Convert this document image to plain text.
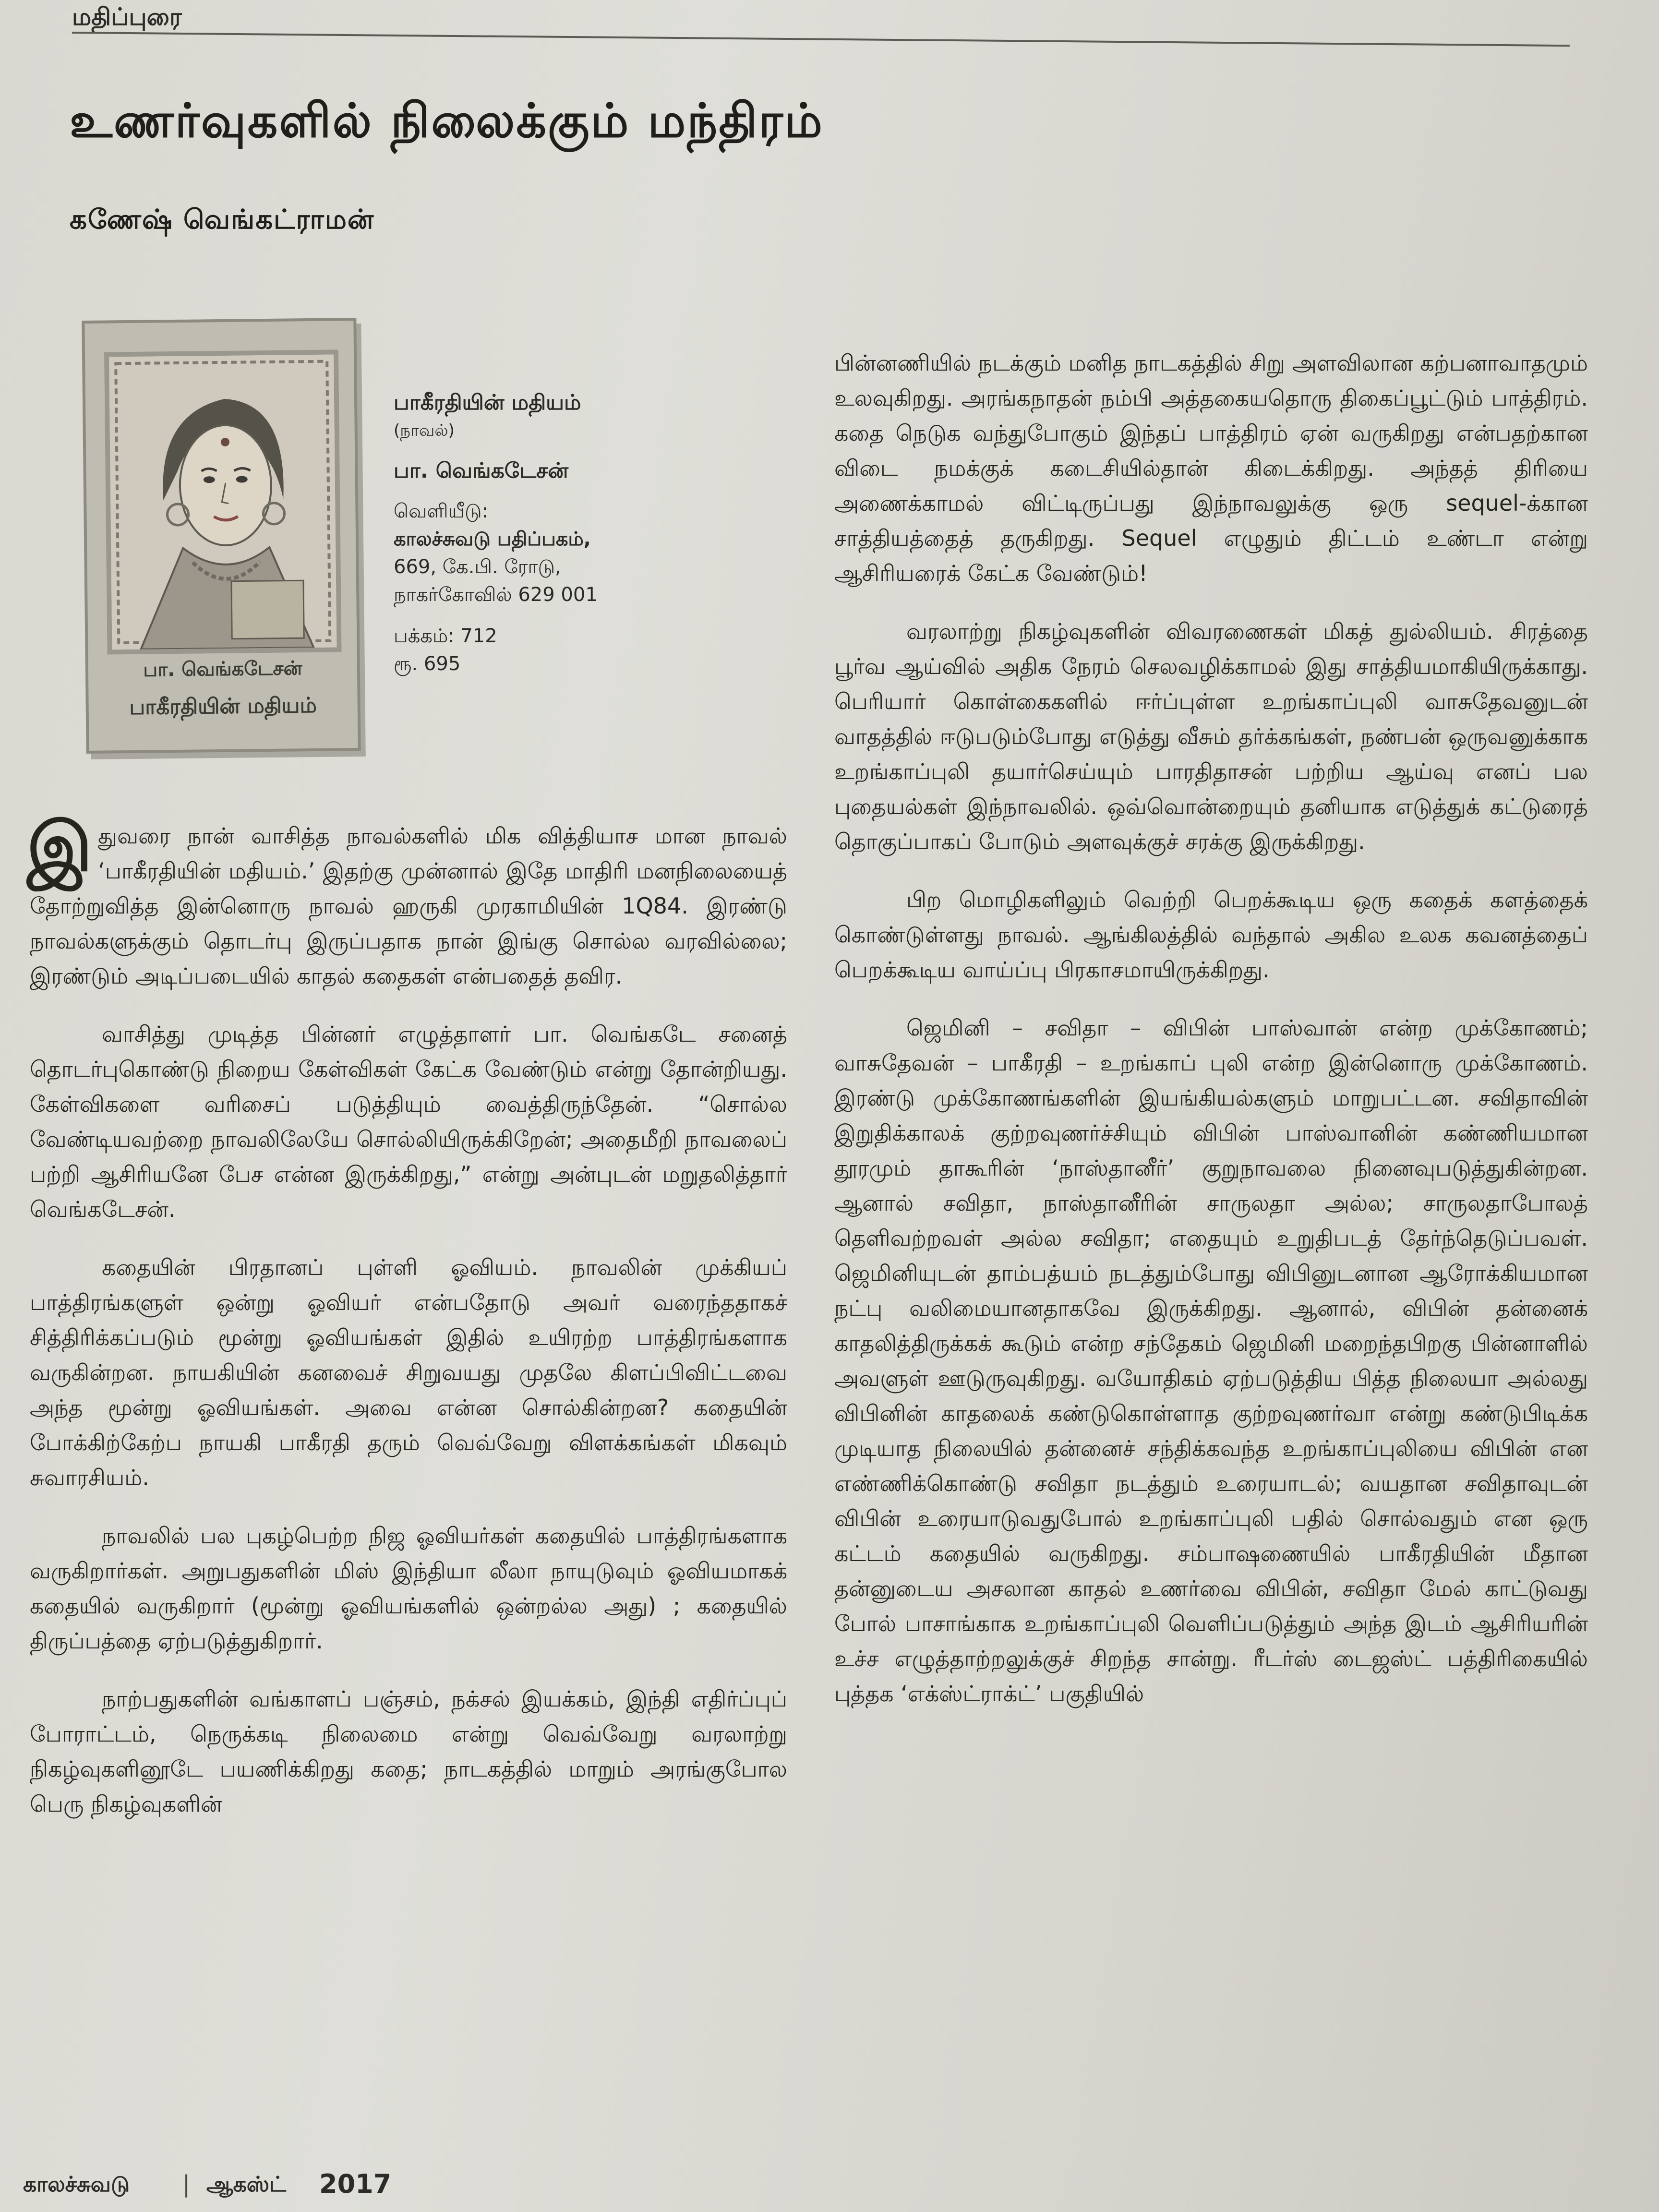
மதிப்புரை
உணர்வுகளில் நிலைக்கும் மந்திரம்
கணேஷ் வெங்கட்ராமன்
பா. வெங்கடேசன்
பாகீரதியின் மதியம்
பாகீரதியின் மதியம்
(நாவல்)
பா. வெங்கடேசன்
வெளியீடு:
காலச்சுவடு பதிப்பகம்,
669, கே.பி. ரோடு,
நாகர்கோவில் 629 001
பக்கம்: 712
ரூ. 695

இதுவரை நான் வாசித்த நாவல்களில் மிக வித்தியாச மான நாவல் ‘பாகீரதியின் மதியம்.’ இதற்கு முன்னால் இதே மாதிரி மனநிலையைத் தோற்றுவித்த இன்னொரு நாவல் ஹருகி முரகாமியின் 1Q84. இரண்டு நாவல்களுக்கும் தொடர்பு இருப்பதாக நான் இங்கு சொல்ல வரவில்லை; இரண்டும் அடிப்படையில் காதல் கதைகள் என்பதைத் தவிர.

வாசித்து முடித்த பின்னர் எழுத்தாளர் பா. வெங்கடே சனைத் தொடர்புகொண்டு நிறைய கேள்விகள் கேட்க வேண்டும் என்று தோன்றியது. கேள்விகளை வரிசைப் படுத்தியும் வைத்திருந்தேன். “சொல்ல வேண்டியவற்றை நாவலிலேயே சொல்லியிருக்கிறேன்; அதைமீறி நாவலைப் பற்றி ஆசிரியனே பேச என்ன இருக்கிறது,” என்று அன்புடன் மறுதலித்தார் வெங்கடேசன்.

கதையின் பிரதானப் புள்ளி ஓவியம். நாவலின் முக்கியப் பாத்திரங்களுள் ஒன்று ஓவியர் என்பதோடு அவர் வரைந்ததாகச் சித்திரிக்கப்படும் மூன்று ஓவியங்கள் இதில் உயிரற்ற பாத்திரங்களாக வருகின்றன. நாயகியின் கனவைச் சிறுவயது முதலே கிளப்பிவிட்டவை அந்த மூன்று ஓவியங்கள். அவை என்ன சொல்கின்றன? கதையின் போக்கிற்கேற்ப நாயகி பாகீரதி தரும் வெவ்வேறு விளக்கங்கள் மிகவும் சுவாரசியம்.

நாவலில் பல புகழ்பெற்ற நிஜ ஓவியர்கள் கதையில் பாத்திரங்களாக வருகிறார்கள். அறுபதுகளின் மிஸ் இந்தியா லீலா நாயுடுவும் ஓவியமாகக் கதையில் வருகிறார் (மூன்று ஓவியங்களில் ஒன்றல்ல அது) ; கதையில் திருப்பத்தை ஏற்படுத்துகிறார்.

நாற்பதுகளின் வங்காளப் பஞ்சம், நக்சல் இயக்கம், இந்தி எதிர்ப்புப் போராட்டம், நெருக்கடி நிலைமை என்று வெவ்வேறு வரலாற்று நிகழ்வுகளினூடே பயணிக்கிறது கதை; நாடகத்தில் மாறும் அரங்குபோல பெரு நிகழ்வுகளின்

பின்னணியில் நடக்கும் மனித நாடகத்தில் சிறு அளவிலான கற்பனாவாதமும் உலவுகிறது. அரங்கநாதன் நம்பி அத்தகையதொரு திகைப்பூட்டும் பாத்திரம். கதை நெடுக வந்துபோகும் இந்தப் பாத்திரம் ஏன் வருகிறது என்பதற்கான விடை நமக்குக் கடைசியில்தான் கிடைக்கிறது. அந்தத் திரியை அணைக்காமல் விட்டிருப்பது இந்நாவலுக்கு ஒரு sequel-க்கான சாத்தியத்தைத் தருகிறது. Sequel எழுதும் திட்டம் உண்டா என்று ஆசிரியரைக் கேட்க வேண்டும்!

வரலாற்று நிகழ்வுகளின் விவரணைகள் மிகத் துல்லியம். சிரத்தை பூர்வ ஆய்வில் அதிக நேரம் செலவழிக்காமல் இது சாத்தியமாகியிருக்காது. பெரியார் கொள்கைகளில் ஈர்ப்புள்ள உறங்காப்புலி வாசுதேவனுடன் வாதத்தில் ஈடுபடும்போது எடுத்து வீசும் தர்க்கங்கள், நண்பன் ஒருவனுக்காக உறங்காப்புலி தயார்செய்யும் பாரதிதாசன் பற்றிய ஆய்வு எனப் பல புதையல்கள் இந்நாவலில். ஒவ்வொன்றையும் தனியாக எடுத்துக் கட்டுரைத் தொகுப்பாகப் போடும் அளவுக்குச் சரக்கு இருக்கிறது.

பிற மொழிகளிலும் வெற்றி பெறக்கூடிய ஒரு கதைக் களத்தைக் கொண்டுள்ளது நாவல். ஆங்கிலத்தில் வந்தால் அகில உலக கவனத்தைப் பெறக்கூடிய வாய்ப்பு பிரகாசமாயிருக்கிறது.

ஜெமினி – சவிதா – விபின் பாஸ்வான் என்ற முக்கோணம்; வாசுதேவன் – பாகீரதி – உறங்காப் புலி என்ற இன்னொரு முக்கோணம். இரண்டு முக்கோணங்களின் இயங்கியல்களும் மாறுபட்டன. சவிதாவின் இறுதிக்காலக் குற்றவுணர்ச்சியும் விபின் பாஸ்வானின் கண்ணியமான தூரமும் தாகூரின் ‘நாஸ்தானீர்’ குறுநாவலை நினைவுபடுத்துகின்றன. ஆனால் சவிதா, நாஸ்தானீரின் சாருலதா அல்ல; சாருலதாபோலத் தெளிவற்றவள் அல்ல சவிதா; எதையும் உறுதிபடத் தேர்ந்தெடுப்பவள். ஜெமினியுடன் தாம்பத்யம் நடத்தும்போது விபினுடனான ஆரோக்கியமான நட்பு வலிமையானதாகவே இருக்கிறது. ஆனால், விபின் தன்னைக் காதலித்திருக்கக் கூடும் என்ற சந்தேகம் ஜெமினி மறைந்தபிறகு பின்னாளில் அவளுள் ஊடுருவுகிறது. வயோதிகம் ஏற்படுத்திய பித்த நிலையா அல்லது விபினின் காதலைக் கண்டுகொள்ளாத குற்றவுணர்வா என்று கண்டுபிடிக்க முடியாத நிலையில் தன்னைச் சந்திக்கவந்த உறங்காப்புலியை விபின் என எண்ணிக்கொண்டு சவிதா நடத்தும் உரையாடல்; வயதான சவிதாவுடன் விபின் உரையாடுவதுபோல் உறங்காப்புலி பதில் சொல்வதும் என ஒரு கட்டம் கதையில் வருகிறது. சம்பாஷணையில் பாகீரதியின் மீதான தன்னுடைய அசலான காதல் உணர்வை விபின், சவிதா மேல் காட்டுவது போல் பாசாங்காக உறங்காப்புலி வெளிப்படுத்தும் அந்த இடம் ஆசிரியரின் உச்ச எழுத்தாற்றலுக்குச் சிறந்த சான்று. ரீடர்ஸ் டைஜஸ்ட் பத்திரிகையில் புத்தக ‘எக்ஸ்ட்ராக்ட்’ பகுதியில்

காலச்சுவடு | ஆகஸ்ட் 2017
